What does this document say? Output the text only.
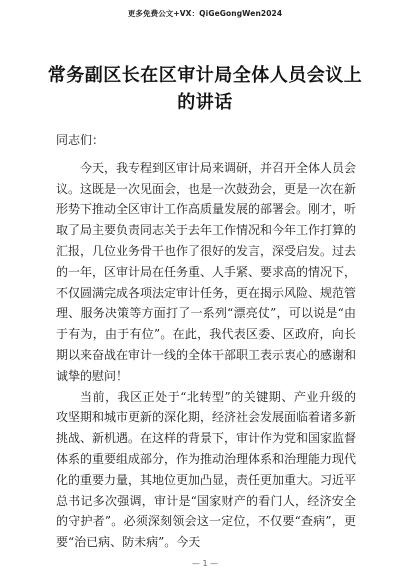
更多免费公文+VX：QiGeGongWen2024
常务副区长在区审计局全体人员会议上的讲话

同志们：

今天，我专程到区审计局来调研，并召开全体人员会议。这既是一次见面会，也是一次鼓劲会，更是一次在新形势下推动全区审计工作高质量发展的部署会。刚才，听取了局主要负责同志关于去年工作情况和今年工作打算的汇报，几位业务骨干也作了很好的发言，深受启发。过去的一年，区审计局在任务重、人手紧、要求高的情况下，不仅圆满完成各项法定审计任务，更在揭示风险、规范管理、服务决策等方面打了一系列“漂亮仗”，可以说是“由于有为，由于有位”。在此，我代表区委、区政府，向长期以来奋战在审计一线的全体干部职工表示衷心的感谢和诚挚的慰问！

当前，我区正处于“北转型”的关键期、产业升级的攻坚期和城市更新的深化期，经济社会发展面临着诸多新挑战、新机遇。在这样的背景下，审计作为党和国家监督体系的重要组成部分，作为推动治理体系和治理能力现代化的重要力量，其地位更加凸显，责任更加重大。习近平总书记多次强调，审计是“国家财产的看门人，经济安全的守护者”。必须深刻领会这一定位，不仅要“查病”，更要“治已病、防未病”。今天

— 1 —
